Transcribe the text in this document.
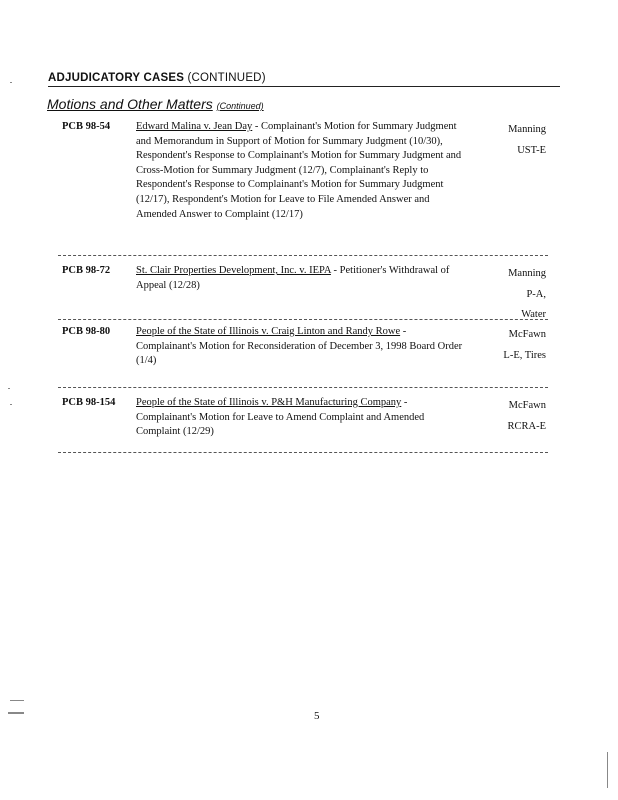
ADJUDICATORY CASES (CONTINUED)
Motions and Other Matters (Continued)
PCB 98-54 Edward Malina v. Jean Day - Complainant's Motion for Summary Judgment and Memorandum in Support of Motion for Summary Judgment (10/30), Respondent's Response to Complainant's Motion for Summary Judgment and Cross-Motion for Summary Judgment (12/7), Complainant's Reply to Respondent's Response to Complainant's Motion for Summary Judgment (12/17), Respondent's Motion for Leave to File Amended Answer and Amended Answer to Complaint (12/17)
Manning
UST-E
PCB 98-72 St. Clair Properties Development, Inc. v. IEPA - Petitioner's Withdrawal of Appeal (12/28)
Manning
P-A,
Water
PCB 98-80 People of the State of Illinois v. Craig Linton and Randy Rowe - Complainant's Motion for Reconsideration of December 3, 1998 Board Order (1/4)
McFawn
L-E, Tires
PCB 98-154 People of the State of Illinois v. P&H Manufacturing Company - Complainant's Motion for Leave to Amend Complaint and Amended Complaint (12/29)
McFawn
RCRA-E
5
